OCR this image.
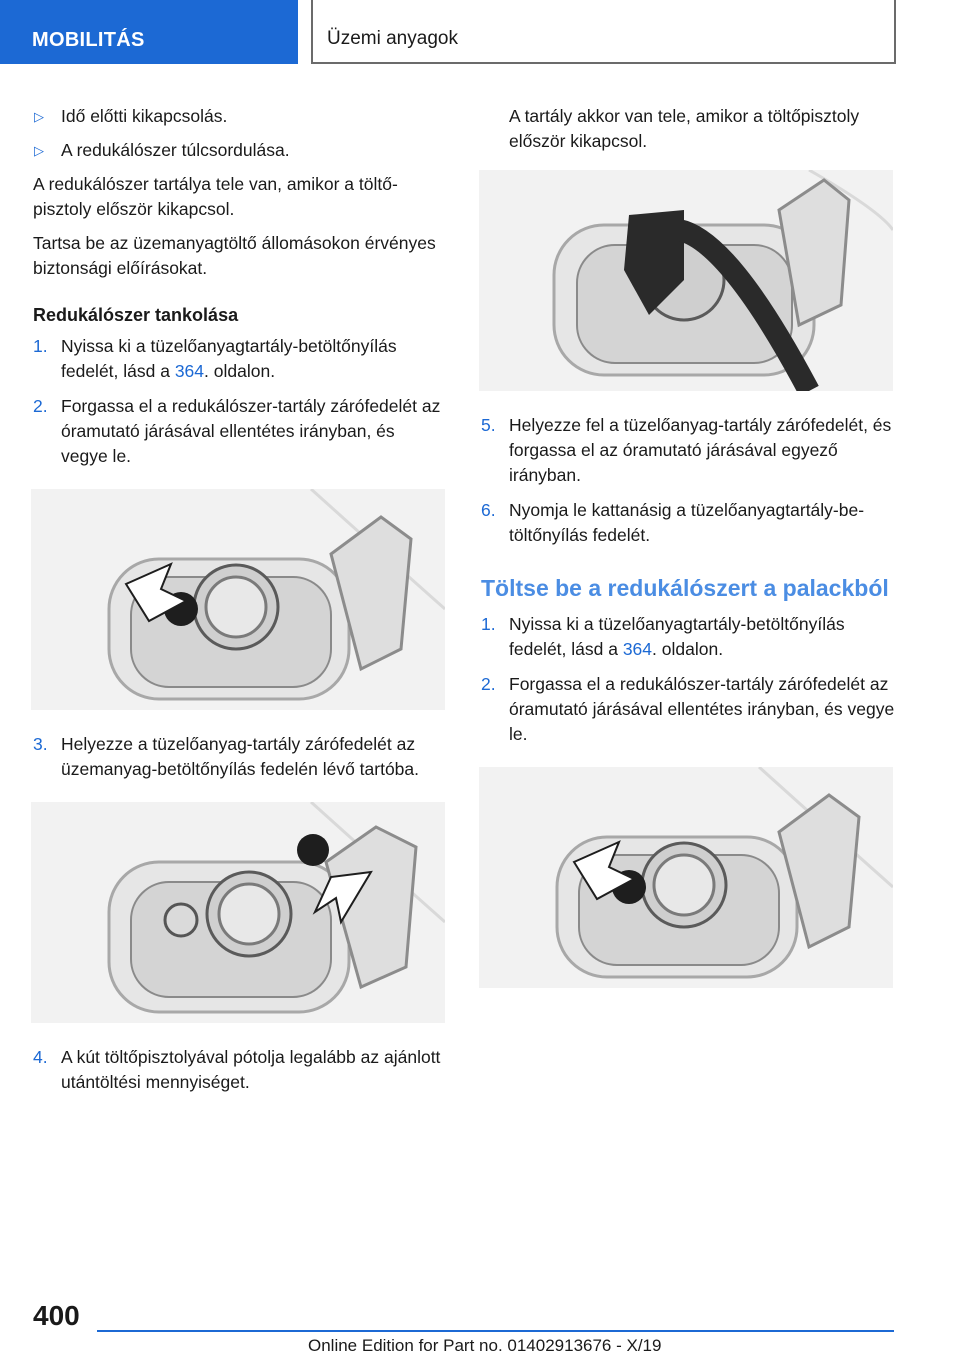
MOBILITÁS	Üzemi anyagok
▷ Idő előtti kikapcsolás.
▷ A redukálószer túlcsordulása.

A redukálószer tartálya tele van, amikor a töltőpisztoly először kikapcsol.

Tartsa be az üzemanyagtöltő állomásokon érvényes biztonsági előírásokat.

Redukálószer tankolása
1. Nyissa ki a tüzelőanyagtartály-betöltőnyílás fedelét, lásd a 364. oldalon.
2. Forgassa el a redukálószer-tartály zárófedelét az óramutató járásával ellentétes irányban, és vegye le.
3. Helyezze a tüzelőanyag-tartály zárófedelét az üzemanyag-betöltőnyílás fedelén lévő tartóba.
4. A kút töltőpisztolyával pótolja legalább az ajánlott utántöltési mennyiséget.

A tartály akkor van tele, amikor a töltőpisztoly először kikapcsol.

5. Helyezze fel a tüzelőanyag-tartály zárófedelét, és forgassa el az óramutató járásával egyező irányban.
6. Nyomja le kattanásig a tüzelőanyagtartály-betöltőnyílás fedelét.
Töltse be a redukálószert a palackból
1. Nyissa ki a tüzelőanyagtartály-betöltőnyílás fedelét, lásd a 364. oldalon.
2. Forgassa el a redukálószer-tartály zárófedelét az óramutató járásával ellentétes irányban, és vegye le.
400
Online Edition for Part no. 01402913676 - X/19
